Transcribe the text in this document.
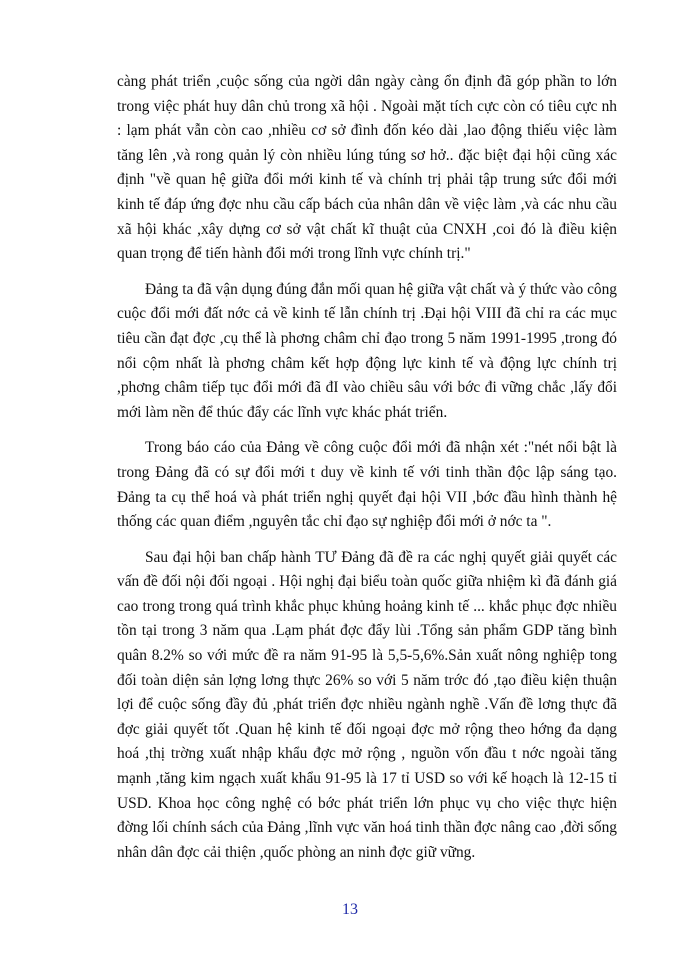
càng phát triển ,cuộc sống của ngời dân ngày càng ổn định đã góp phần to lớn trong việc phát huy dân chủ trong xã hội . Ngoài mặt tích cực còn có tiêu cực nh : lạm phát vẫn còn cao ,nhiều cơ sở đình đốn kéo dài ,lao động thiếu việc làm tăng lên ,và rong quản lý còn nhiều lúng túng sơ hở.. đặc biệt đại hội cũng xác định "về quan hệ giữa đổi mới kinh tế và chính trị phải tập trung sức đổi mới kinh tế đáp ứng đợc nhu cầu cấp bách của nhân dân về việc làm ,và các nhu cầu xã hội khác ,xây dựng cơ sở vật chất kĩ thuật của CNXH ,coi đó là điều kiện quan trọng để tiến hành đổi mới trong lĩnh vực chính trị."

Đảng ta đã vận dụng đúng đắn mối quan hệ giữa vật chất và ý thức vào công cuộc đổi mới đất nớc cả về kinh tế lẫn chính trị .Đại hội VIII đã chỉ ra các mục tiêu cần đạt đợc ,cụ thể là phơng châm chỉ đạo trong 5 năm 1991-1995 ,trong đó nổi cộm nhất là phơng châm kết hợp động lực kinh tế và động lực chính trị ,phơng châm tiếp tục đổi mới đã đI vào chiều sâu với bớc đi vững chắc ,lấy đổi mới làm nền để thúc đẩy các lĩnh vực khác phát triển.

Trong báo cáo của Đảng về công cuộc đổi mới đã nhận xét :"nét nổi bật là trong Đảng đã có sự đổi mới t duy về kinh tế với tinh thần độc lập sáng tạo. Đảng ta cụ thể hoá và phát triển nghị quyết đại hội VII ,bớc đầu hình thành hệ thống các quan điểm ,nguyên tắc chỉ đạo sự nghiệp đổi mới ở nớc ta ".

Sau đại hội ban chấp hành TƯ Đảng đã đề ra các nghị quyết giải quyết các vấn đề đối nội đối ngoại . Hội nghị đại biểu toàn quốc giữa nhiệm kì đã đánh giá cao trong trong quá trình khắc phục khủng hoảng kinh tế ... khắc phục đợc nhiều tồn tại trong 3 năm qua .Lạm phát đợc đẩy lùi .Tổng sản phẩm GDP tăng bình quân 8.2% so với mức đề ra năm 91-95 là 5,5-5,6%.Sản xuất nông nghiệp tong đối toàn diện sản lợng lơng thực 26% so với 5 năm trớc đó ,tạo điều kiện thuận lợi để cuộc sống đầy đủ ,phát triển đợc nhiều ngành nghề .Vấn đề lơng thực đã đợc giải quyết tốt .Quan hệ kinh tế đối ngoại đợc mở rộng theo hớng đa dạng hoá ,thị trờng xuất nhập khẩu đợc mở rộng , nguồn vốn đầu t nớc ngoài tăng mạnh ,tăng kim ngạch xuất khẩu 91-95 là 17 tỉ USD so với kế hoạch là 12-15 tỉ USD. Khoa học công nghệ có bớc phát triển lớn phục vụ cho việc thực hiện đờng lối chính sách của Đảng ,lĩnh vực văn hoá tinh thần đợc nâng cao ,đời sống nhân dân đợc cải thiện ,quốc phòng an ninh đợc giữ vững.

13
